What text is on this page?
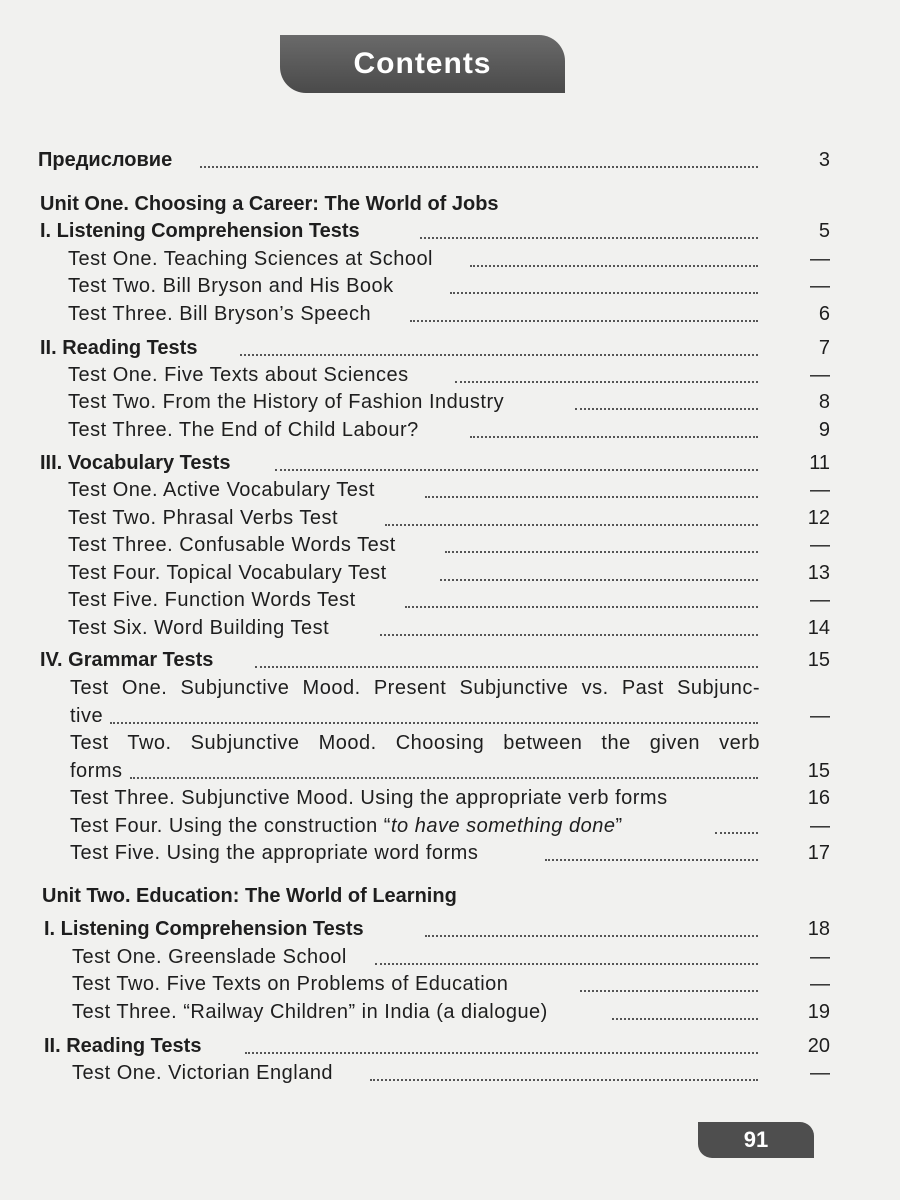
Contents
Предисловие	3
Unit One. Choosing a Career: The World of Jobs
I. Listening Comprehension Tests	5
Test One. Teaching Sciences at School	—
Test Two. Bill Bryson and His Book	—
Test Three. Bill Bryson’s Speech	6
II. Reading Tests	7
Test One. Five Texts about Sciences	—
Test Two. From the History of Fashion Industry	8
Test Three. The End of Child Labour?	9
III. Vocabulary Tests	11
Test One. Active Vocabulary Test	—
Test Two. Phrasal Verbs Test	12
Test Three. Confusable Words Test	—
Test Four. Topical Vocabulary Test	13
Test Five. Function Words Test	—
Test Six. Word Building Test	14
IV. Grammar Tests	15
Test One. Subjunctive Mood. Present Subjunctive vs. Past Subjunc-
tive	—
Test Two. Subjunctive Mood. Choosing between the given verb
forms	15
Test Three. Subjunctive Mood. Using the appropriate verb forms	16
Test Four. Using the construction “to have something done”	—
Test Five. Using the appropriate word forms	17
Unit Two. Education: The World of Learning
I. Listening Comprehension Tests	18
Test One. Greenslade School	—
Test Two. Five Texts on Problems of Education	—
Test Three. “Railway Children” in India (a dialogue)	19
II. Reading Tests	20
Test One. Victorian England	—
91
